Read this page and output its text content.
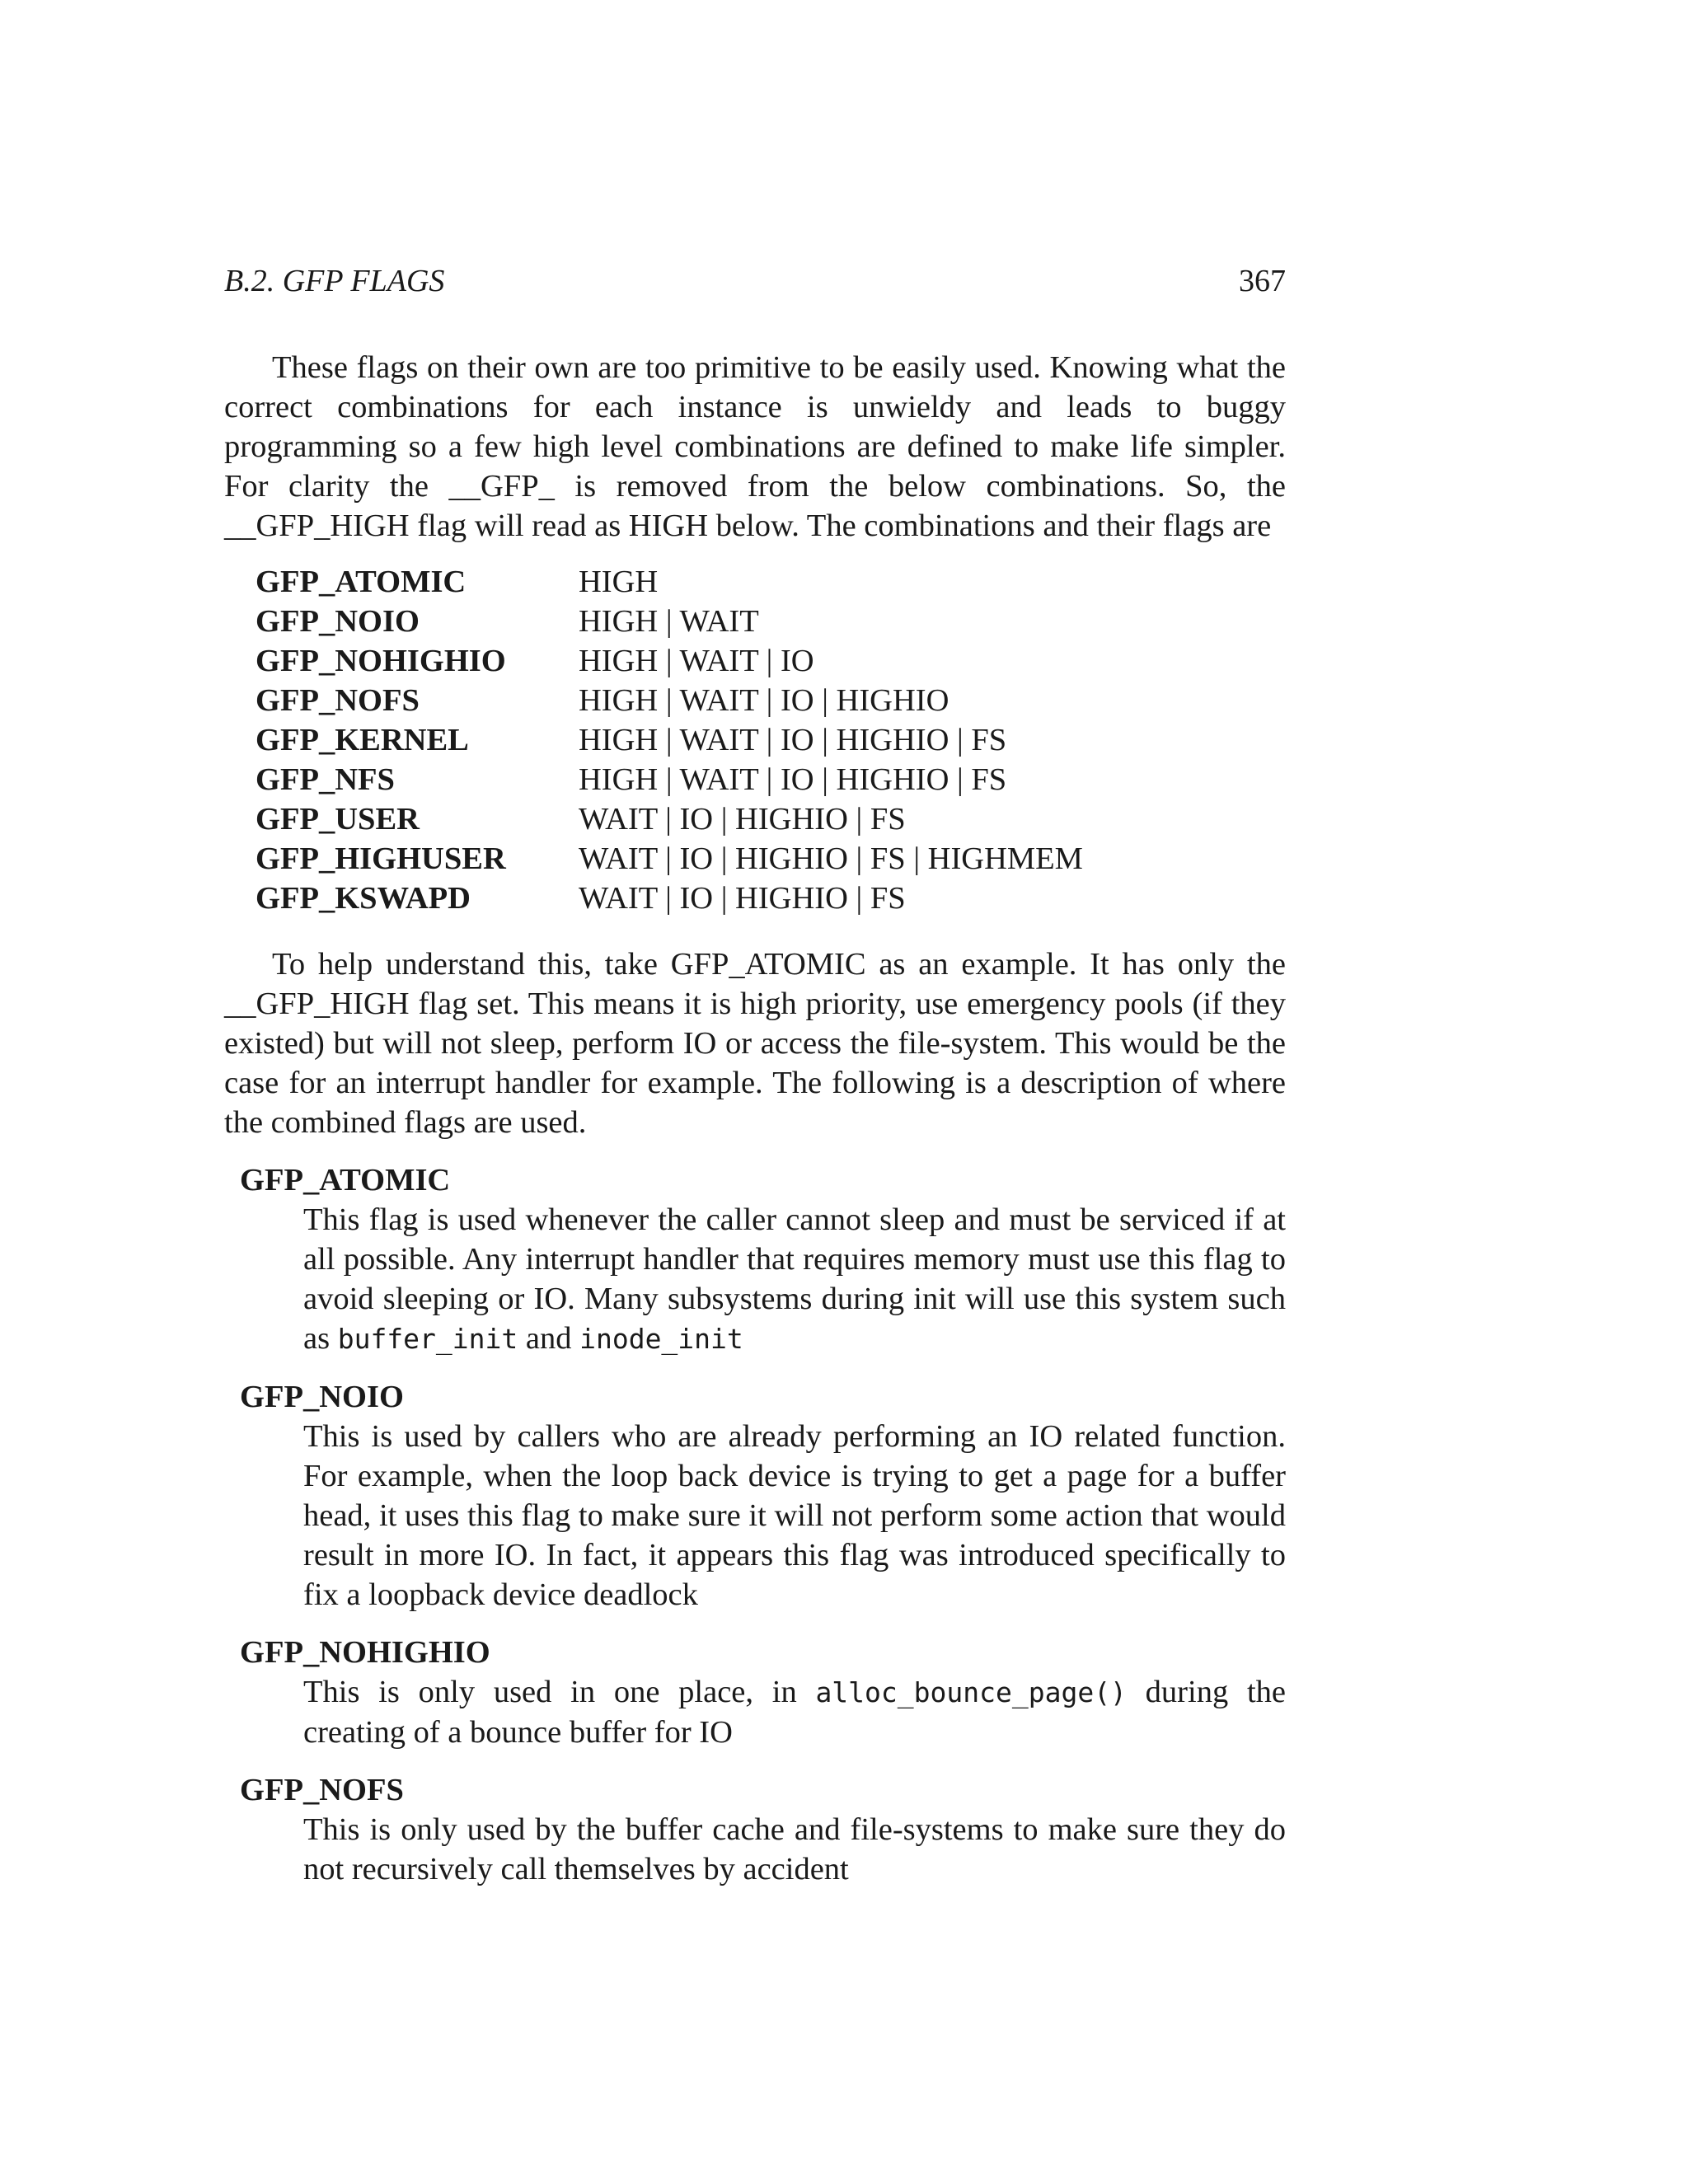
B.2. GFP FLAGS	367

These flags on their own are too primitive to be easily used. Knowing what the correct combinations for each instance is unwieldy and leads to buggy programming so a few high level combinations are defined to make life simpler. For clarity the __GFP_ is removed from the below combinations. So, the __GFP_HIGH flag will read as HIGH below. The combinations and their flags are

GFP_ATOMIC	HIGH
GFP_NOIO	HIGH | WAIT
GFP_NOHIGHIO	HIGH | WAIT | IO
GFP_NOFS	HIGH | WAIT | IO | HIGHIO
GFP_KERNEL	HIGH | WAIT | IO | HIGHIO | FS
GFP_NFS	HIGH | WAIT | IO | HIGHIO | FS
GFP_USER	WAIT | IO | HIGHIO | FS
GFP_HIGHUSER	WAIT | IO | HIGHIO | FS | HIGHMEM
GFP_KSWAPD	WAIT | IO | HIGHIO | FS

To help understand this, take GFP_ATOMIC as an example. It has only the __GFP_HIGH flag set. This means it is high priority, use emergency pools (if they existed) but will not sleep, perform IO or access the file-system. This would be the case for an interrupt handler for example. The following is a description of where the combined flags are used.

GFP_ATOMIC
This flag is used whenever the caller cannot sleep and must be serviced if at all possible. Any interrupt handler that requires memory must use this flag to avoid sleeping or IO. Many subsystems during init will use this system such as buffer_init and inode_init
GFP_NOIO
This is used by callers who are already performing an IO related function. For example, when the loop back device is trying to get a page for a buffer head, it uses this flag to make sure it will not perform some action that would result in more IO. In fact, it appears this flag was introduced specifically to fix a loopback device deadlock
GFP_NOHIGHIO
This is only used in one place, in alloc_bounce_page() during the creating of a bounce buffer for IO
GFP_NOFS
This is only used by the buffer cache and file-systems to make sure they do not recursively call themselves by accident
